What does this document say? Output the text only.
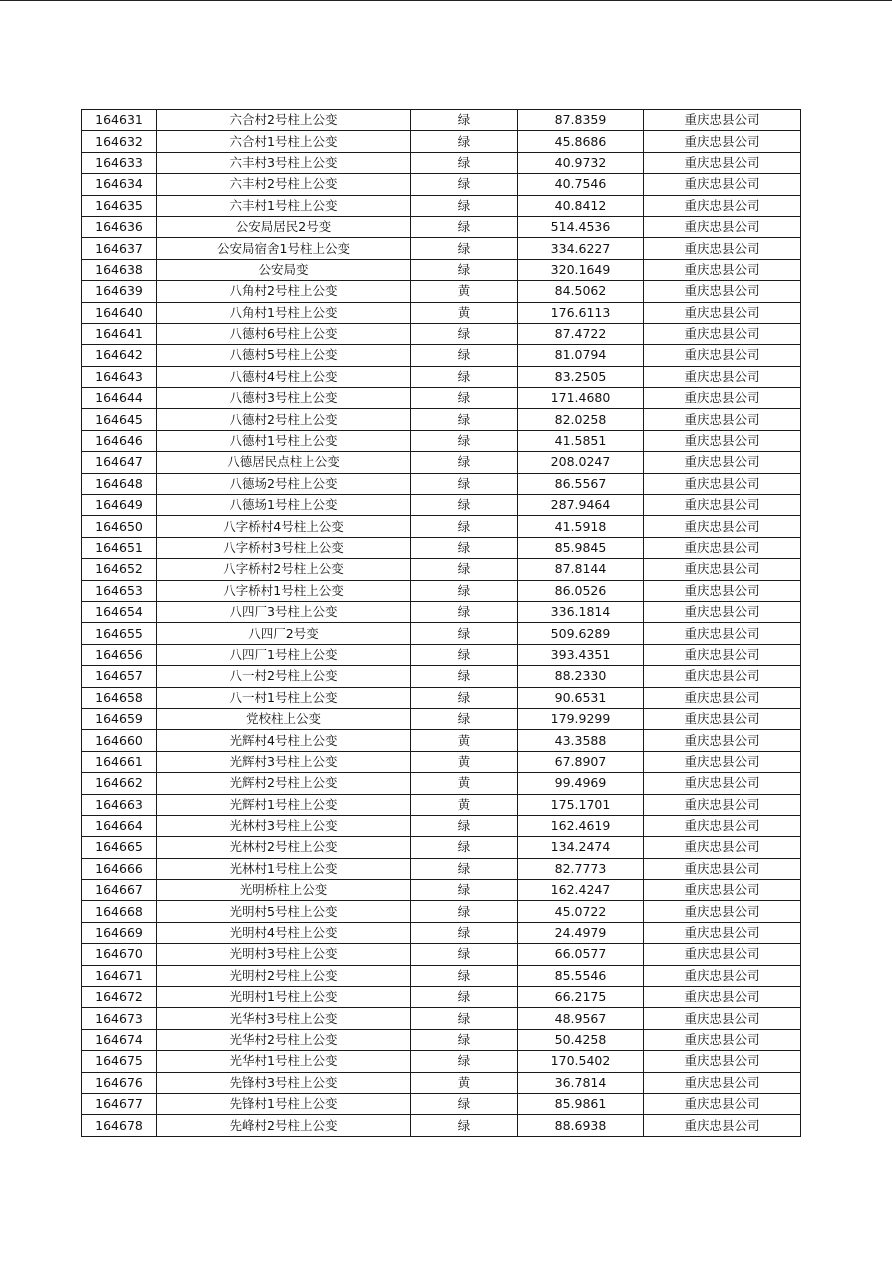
164631	六合村2号柱上公变	绿	87.8359	重庆忠县公司
164632	六合村1号柱上公变	绿	45.8686	重庆忠县公司
164633	六丰村3号柱上公变	绿	40.9732	重庆忠县公司
164634	六丰村2号柱上公变	绿	40.7546	重庆忠县公司
164635	六丰村1号柱上公变	绿	40.8412	重庆忠县公司
164636	公安局居民2号变	绿	514.4536	重庆忠县公司
164637	公安局宿舍1号柱上公变	绿	334.6227	重庆忠县公司
164638	公安局变	绿	320.1649	重庆忠县公司
164639	八角村2号柱上公变	黄	84.5062	重庆忠县公司
164640	八角村1号柱上公变	黄	176.6113	重庆忠县公司
164641	八德村6号柱上公变	绿	87.4722	重庆忠县公司
164642	八德村5号柱上公变	绿	81.0794	重庆忠县公司
164643	八德村4号柱上公变	绿	83.2505	重庆忠县公司
164644	八德村3号柱上公变	绿	171.4680	重庆忠县公司
164645	八德村2号柱上公变	绿	82.0258	重庆忠县公司
164646	八德村1号柱上公变	绿	41.5851	重庆忠县公司
164647	八德居民点柱上公变	绿	208.0247	重庆忠县公司
164648	八德场2号柱上公变	绿	86.5567	重庆忠县公司
164649	八德场1号柱上公变	绿	287.9464	重庆忠县公司
164650	八字桥村4号柱上公变	绿	41.5918	重庆忠县公司
164651	八字桥村3号柱上公变	绿	85.9845	重庆忠县公司
164652	八字桥村2号柱上公变	绿	87.8144	重庆忠县公司
164653	八字桥村1号柱上公变	绿	86.0526	重庆忠县公司
164654	八四厂3号柱上公变	绿	336.1814	重庆忠县公司
164655	八四厂2号变	绿	509.6289	重庆忠县公司
164656	八四厂1号柱上公变	绿	393.4351	重庆忠县公司
164657	八一村2号柱上公变	绿	88.2330	重庆忠县公司
164658	八一村1号柱上公变	绿	90.6531	重庆忠县公司
164659	党校柱上公变	绿	179.9299	重庆忠县公司
164660	光辉村4号柱上公变	黄	43.3588	重庆忠县公司
164661	光辉村3号柱上公变	黄	67.8907	重庆忠县公司
164662	光辉村2号柱上公变	黄	99.4969	重庆忠县公司
164663	光辉村1号柱上公变	黄	175.1701	重庆忠县公司
164664	光林村3号柱上公变	绿	162.4619	重庆忠县公司
164665	光林村2号柱上公变	绿	134.2474	重庆忠县公司
164666	光林村1号柱上公变	绿	82.7773	重庆忠县公司
164667	光明桥柱上公变	绿	162.4247	重庆忠县公司
164668	光明村5号柱上公变	绿	45.0722	重庆忠县公司
164669	光明村4号柱上公变	绿	24.4979	重庆忠县公司
164670	光明村3号柱上公变	绿	66.0577	重庆忠县公司
164671	光明村2号柱上公变	绿	85.5546	重庆忠县公司
164672	光明村1号柱上公变	绿	66.2175	重庆忠县公司
164673	光华村3号柱上公变	绿	48.9567	重庆忠县公司
164674	光华村2号柱上公变	绿	50.4258	重庆忠县公司
164675	光华村1号柱上公变	绿	170.5402	重庆忠县公司
164676	先锋村3号柱上公变	黄	36.7814	重庆忠县公司
164677	先锋村1号柱上公变	绿	85.9861	重庆忠县公司
164678	先峰村2号柱上公变	绿	88.6938	重庆忠县公司
